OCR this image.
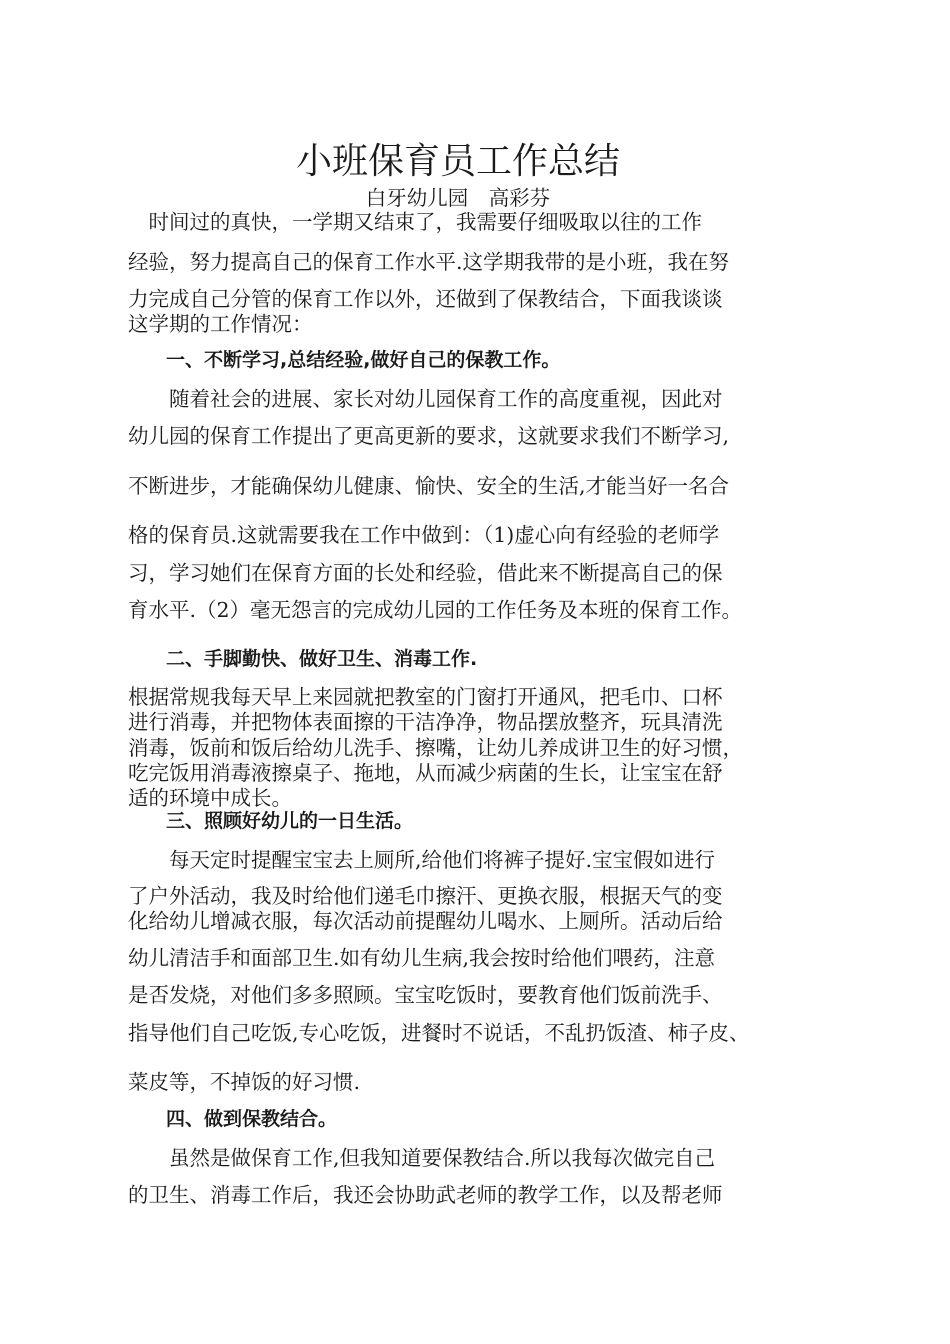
小班保育员工作总结
白牙幼儿园　高彩芬
　时间过的真快，一学期又结束了，我需要仔细吸取以往的工作
经验，努力提高自己的保育工作水平.这学期我带的是小班，我在努
力完成自己分管的保育工作以外，还做到了保教结合，下面我谈谈
这学期的工作情况：
　　一、不断学习,总结经验,做好自己的保教工作。
　　随着社会的进展、家长对幼儿园保育工作的高度重视，因此对
幼儿园的保育工作提出了更高更新的要求，这就要求我们不断学习,
不断进步，才能确保幼儿健康、愉快、安全的生活,才能当好一名合
格的保育员.这就需要我在工作中做到：（1)虚心向有经验的老师学
习，学习她们在保育方面的长处和经验，借此来不断提高自己的保
育水平.（2）毫无怨言的完成幼儿园的工作任务及本班的保育工作。
　　二、手脚勤快、做好卫生、消毒工作.
根据常规我每天早上来园就把教室的门窗打开通风，把毛巾、口杯
进行消毒，并把物体表面擦的干洁净净，物品摆放整齐，玩具清洗
消毒，饭前和饭后给幼儿洗手、擦嘴，让幼儿养成讲卫生的好习惯，
吃完饭用消毒液擦桌子、拖地，从而减少病菌的生长，让宝宝在舒
适的环境中成长。
　　三、照顾好幼儿的一日生活。
　　每天定时提醒宝宝去上厕所,给他们将裤子提好.宝宝假如进行
了户外活动，我及时给他们递毛巾擦汗、更换衣服，根据天气的变
化给幼儿增减衣服，每次活动前提醒幼儿喝水、上厕所。活动后给
幼儿清洁手和面部卫生.如有幼儿生病,我会按时给他们喂药，注意
是否发烧，对他们多多照顾。宝宝吃饭时，要教育他们饭前洗手、
指导他们自己吃饭,专心吃饭，进餐时不说话，不乱扔饭渣、柿子皮、
菜皮等，不掉饭的好习惯.
　　四、做到保教结合。
　　虽然是做保育工作,但我知道要保教结合.所以我每次做完自己
的卫生、消毒工作后，我还会协助武老师的教学工作，以及帮老师
